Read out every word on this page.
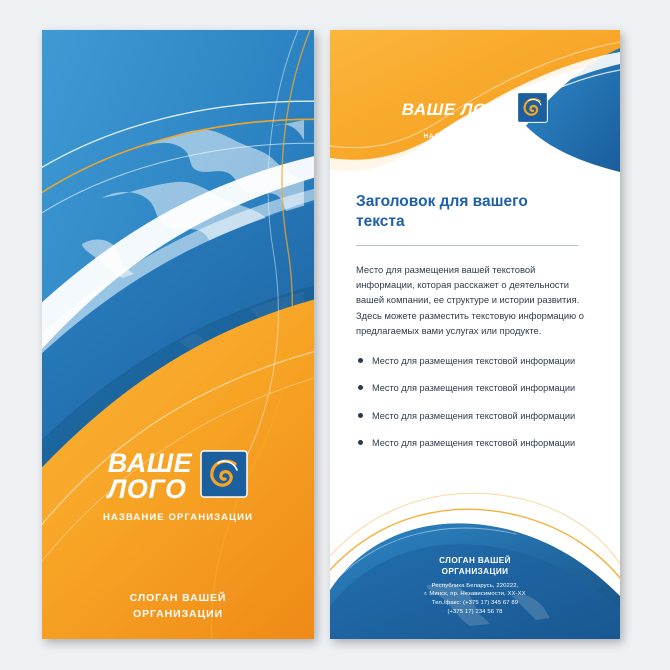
ВАШЕ
ЛОГО
НАЗВАНИЕ ОРГАНИЗАЦИИ
СЛОГАН ВАШЕЙ
ОРГАНИЗАЦИИ
ВАШЕ ЛОГО
НАЗВАНИЕ ОРГАНИЗАЦИИ
Заголовок для вашего
текста

Место для размещения вашей текстовой информации, которая расскажет о деятельности вашей компании, ее структуре и истории развития. Здесь можете разместить текстовую информацию о предлагаемых вами услугах или продукте.

Место для размещения текстовой информации
Место для размещения текстовой информации
Место для размещения текстовой информации
Место для размещения текстовой информации
СЛОГАН ВАШЕЙ
ОРГАНИЗАЦИИ
Республика Беларусь, 220222,
г. Минск, пр. Независимости, ХХ-ХХ
Тел./факс: (+375 17) 345 67 89
(+375 17) 234 56 78
